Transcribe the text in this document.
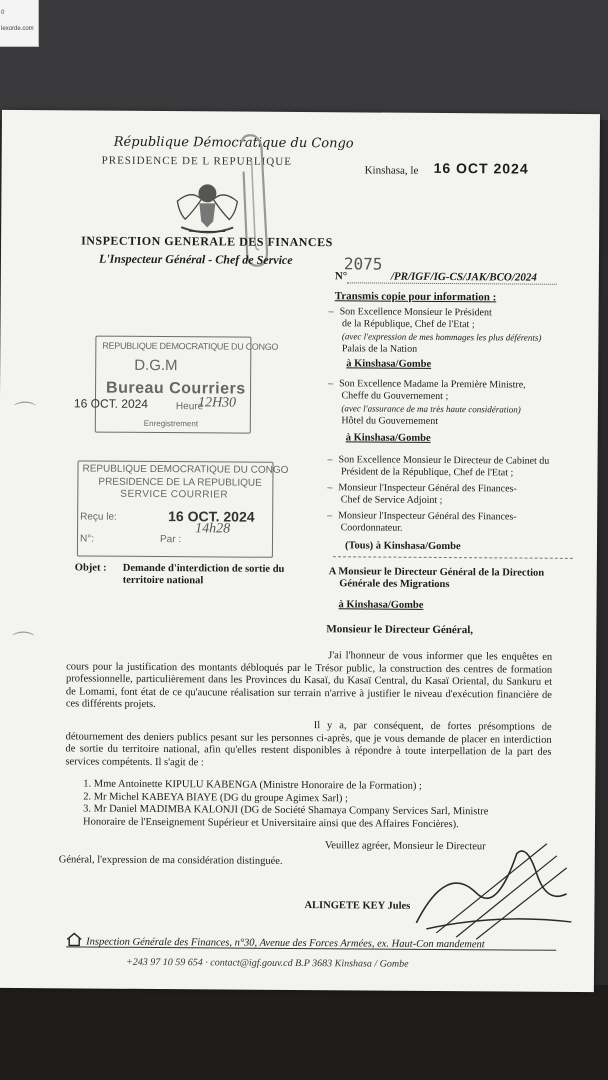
0
lexorde.com
République Démocratique du Congo
PRESIDENCE DE L REPUBLIQUE
INSPECTION GENERALE DES FINANCES
L'Inspecteur Général - Chef de Service
Kinshasa, le 16 OCT 2024
2075
N°	/PR/IGF/IG-CS/JAK/BCO/2024
Transmis copie pour information :
– Son Excellence Monsieur le Président
de la République, Chef de l'Etat ;
(avec l'expression de mes hommages les plus déférents)
Palais de la Nation
à Kinshasa/Gombe
– Son Excellence Madame la Première Ministre,
Cheffe du Gouvernement ;
(avec l'assurance de ma très haute considération)
Hôtel du Gouvernement
à Kinshasa/Gombe
– Son Excellence Monsieur le Directeur de Cabinet du
Président de la République, Chef de l'Etat ;
– Monsieur l'Inspecteur Général des Finances-
Chef de Service Adjoint ;
– Monsieur l'Inspecteur Général des Finances-
Coordonnateur.
(Tous) à Kinshasa/Gombe
REPUBLIQUE DEMOCRATIQUE DU CONGO
D.G.M
Bureau Courriers
Heure
Enregistrement
16 OCT. 2024	12H30
REPUBLIQUE DEMOCRATIQUE DU CONGO
PRESIDENCE DE LA REPUBLIQUE
SERVICE COURRIER
Reçu le:	16 OCT. 2024
N°:	Par :
14h28
Objet : Demande d'interdiction de sortie du
territoire national
A Monsieur le Directeur Général de la Direction
Générale des Migrations
à Kinshasa/Gombe
Monsieur le Directeur Général,
J'ai l'honneur de vous informer que les enquêtes en cours pour la justification des montants débloqués par le Trésor public, la construction des centres de formation professionnelle, particulièrement dans les Provinces du Kasaï, du Kasaï Central, du Kasaï Oriental, du Sankuru et de Lomami, font état de ce qu'aucune réalisation sur terrain n'arrive à justifier le niveau d'exécution financière de ces différents projets.
Il y a, par conséquent, de fortes présomptions de détournement des deniers publics pesant sur les personnes ci-après, que je vous demande de placer en interdiction de sortie du territoire national, afin qu'elles restent disponibles à répondre à toute interpellation de la part des services compétents. Il s'agit de :
1. Mme Antoinette KIPULU KABENGA (Ministre Honoraire de la Formation) ;
2. Mr Michel KABEYA BIAYE (DG du groupe Agimex Sarl) ;
3. Mr Daniel MADIMBA KALONJI (DG de Société Shamaya Company Services Sarl, Ministre
Honoraire de l'Enseignement Supérieur et Universitaire ainsi que des Affaires Foncières).
Veuillez agréer, Monsieur le Directeur
Général, l'expression de ma considération distinguée.
ALINGETE KEY Jules
Inspection Générale des Finances, n°30, Avenue des Forces Armées, ex. Haut-Con mandement
+243 97 10 59 654 · contact@igf.gouv.cd B.P 3683 Kinshasa / Gombe
⌒
⌒
